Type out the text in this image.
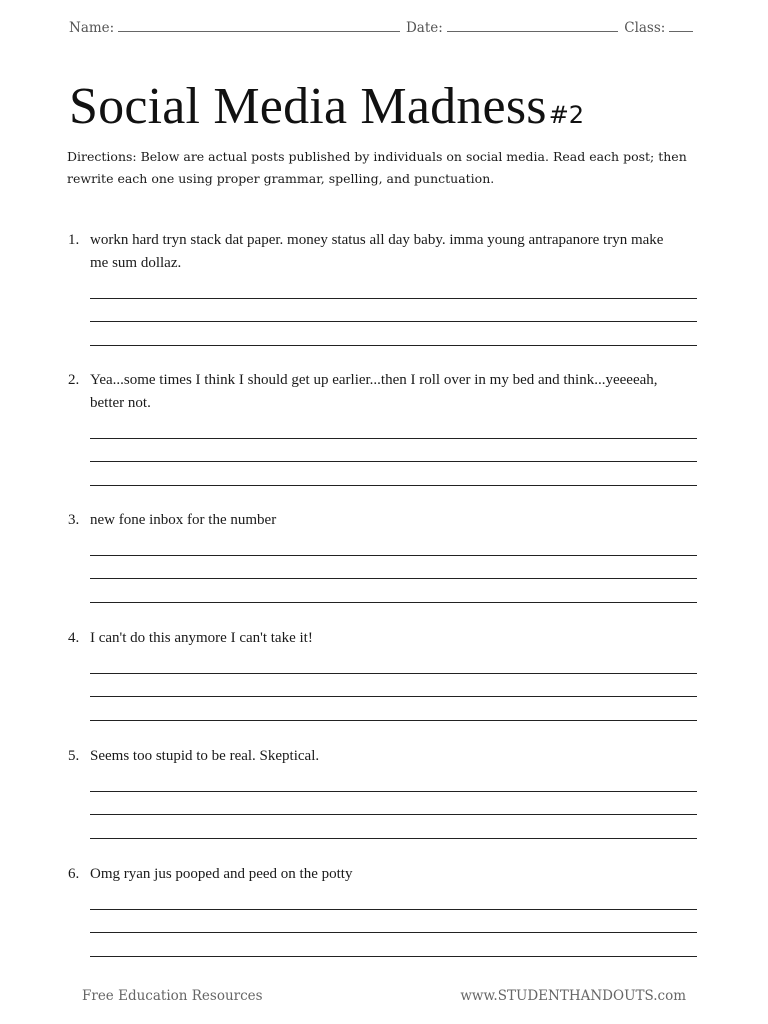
Name:	Date:	Class:
Social Media Madness#2
Directions: Below are actual posts published by individuals on social media. Read each post; then rewrite each one using proper grammar, spelling, and punctuation.
1. workn hard tryn stack dat paper. money status all day baby. imma young antrapanore tryn make me sum dollaz.
2. Yea...some times I think I should get up earlier...then I roll over in my bed and think...yeeeeah, better not.
3. new fone inbox for the number
4. I can't do this anymore I can't take it!
5. Seems too stupid to be real. Skeptical.
6. Omg ryan jus pooped and peed on the potty
Free Education Resources	www.STUDENTHANDOUTS.com
